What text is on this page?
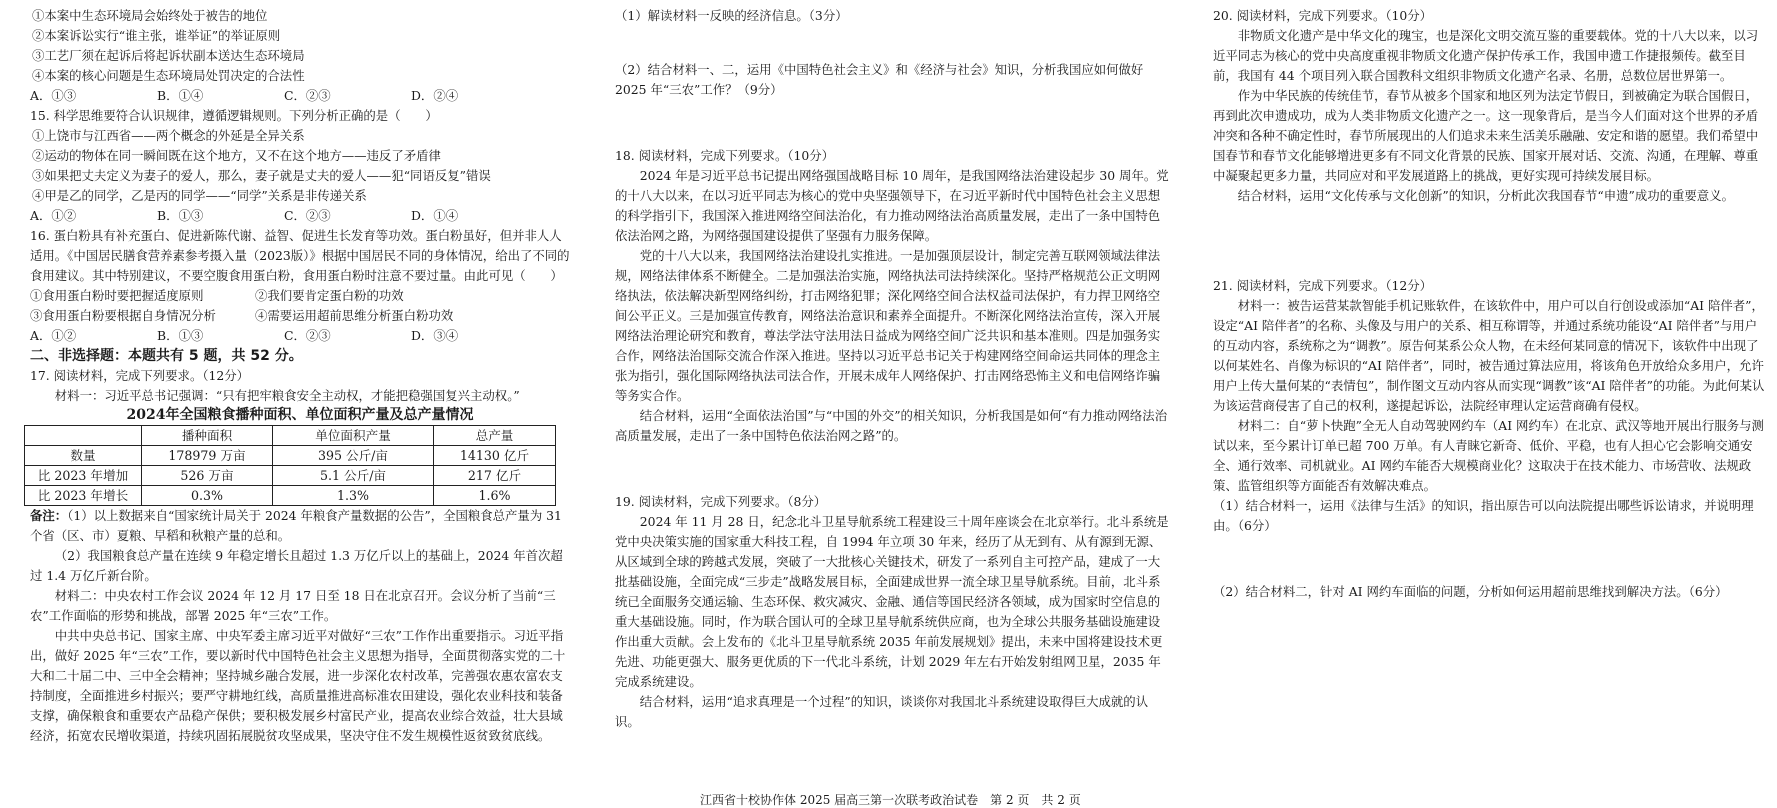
①本案中生态环境局会始终处于被告的地位

②本案诉讼实行“谁主张，谁举证”的举证原则

③工艺厂须在起诉后将起诉状副本送达生态环境局

④本案的核心问题是生态环境局处罚决定的合法性

A．①③	B．①④	C．②③	D．②④

15. 科学思维要符合认识规律，遵循逻辑规则。下列分析正确的是（　　）

①上饶市与江西省——两个概念的外延是全异关系

②运动的物体在同一瞬间既在这个地方，又不在这个地方——违反了矛盾律

③如果把丈夫定义为妻子的爱人，那么，妻子就是丈夫的爱人——犯“同语反复”错误

④甲是乙的同学，乙是丙的同学——“同学”关系是非传递关系

A．①②	B．①③	C．②③	D．①④

16. 蛋白粉具有补充蛋白、促进新陈代谢、益智、促进生长发育等功效。蛋白粉虽好，但并非人人适用。《中国居民膳食营养素参考摄入量（2023版）》根据中国居民不同的身体情况，给出了不同的食用建议。其中特别建议，不要空腹食用蛋白粉，食用蛋白粉时注意不要过量。由此可见（　　）

①食用蛋白粉时要把握适度原则	②我们要肯定蛋白粉的功效
③食用蛋白粉要根据自身情况分析	④需要运用超前思维分析蛋白粉功效
A．①②	B．①③	C．②③	D．③④

二、非选择题：本题共有 5 题，共 52 分。

17. 阅读材料，完成下列要求。（12分）

材料一：习近平总书记强调：“只有把牢粮食安全主动权，才能把稳强国复兴主动权。”

2024年全国粮食播种面积、单位面积产量及总产量情况

	播种面积	单位面积产量	总产量
数量	178979 万亩	395 公斤/亩	14130 亿斤
比 2023 年增加	526 万亩	5.1 公斤/亩	217 亿斤
比 2023 年增长	0.3%	1.3%	1.6%

备注：（1）以上数据来自“国家统计局关于 2024 年粮食产量数据的公告”，全国粮食总产量为 31 个省（区、市）夏粮、早稻和秋粮产量的总和。

（2）我国粮食总产量在连续 9 年稳定增长且超过 1.3 万亿斤以上的基础上，2024 年首次超过 1.4 万亿斤新台阶。

材料二：中央农村工作会议 2024 年 12 月 17 日至 18 日在北京召开。会议分析了当前“三农”工作面临的形势和挑战，部署 2025 年“三农”工作。

中共中央总书记、国家主席、中央军委主席习近平对做好“三农”工作作出重要指示。习近平指出，做好 2025 年“三农”工作，要以新时代中国特色社会主义思想为指导，全面贯彻落实党的二十大和二十届二中、三中全会精神；坚持城乡融合发展，进一步深化农村改革，完善强农惠农富农支持制度，全面推进乡村振兴；要严守耕地红线，高质量推进高标准农田建设，强化农业科技和装备支撑，确保粮食和重要农产品稳产保供；要积极发展乡村富民产业，提高农业综合效益，壮大县域经济，拓宽农民增收渠道，持续巩固拓展脱贫攻坚成果，坚决守住不发生规模性返贫致贫底线。

（1）解读材料一反映的经济信息。（3分）

（2）结合材料一、二，运用《中国特色社会主义》和《经济与社会》知识，分析我国应如何做好 2025 年“三农”工作？（9分）

18. 阅读材料，完成下列要求。（10分）

2024 年是习近平总书记提出网络强国战略目标 10 周年，是我国网络法治建设起步 30 周年。党的十八大以来，在以习近平同志为核心的党中央坚强领导下，在习近平新时代中国特色社会主义思想的科学指引下，我国深入推进网络空间法治化，有力推动网络法治高质量发展，走出了一条中国特色依法治网之路，为网络强国建设提供了坚强有力服务保障。

党的十八大以来，我国网络法治建设扎实推进。一是加强顶层设计，制定完善互联网领域法律法规，网络法律体系不断健全。二是加强法治实施，网络执法司法持续深化。坚持严格规范公正文明网络执法，依法解决新型网络纠纷，打击网络犯罪；深化网络空间合法权益司法保护，有力捍卫网络空间公平正义。三是加强宣传教育，网络法治意识和素养全面提升。不断深化网络法治宣传，深入开展网络法治理论研究和教育，尊法学法守法用法日益成为网络空间广泛共识和基本准则。四是加强务实合作，网络法治国际交流合作深入推进。坚持以习近平总书记关于构建网络空间命运共同体的理念主张为指引，强化国际网络执法司法合作，开展未成年人网络保护、打击网络恐怖主义和电信网络诈骗等务实合作。

结合材料，运用“全面依法治国”与“中国的外交”的相关知识，分析我国是如何“有力推动网络法治高质量发展，走出了一条中国特色依法治网之路”的。

19. 阅读材料，完成下列要求。（8分）

2024 年 11 月 28 日，纪念北斗卫星导航系统工程建设三十周年座谈会在北京举行。北斗系统是党中央决策实施的国家重大科技工程，自 1994 年立项 30 年来，经历了从无到有、从有源到无源、从区域到全球的跨越式发展，突破了一大批核心关键技术，研发了一系列自主可控产品，建成了一大批基础设施，全面完成“三步走”战略发展目标，全面建成世界一流全球卫星导航系统。目前，北斗系统已全面服务交通运输、生态环保、救灾减灾、金融、通信等国民经济各领域，成为国家时空信息的重大基础设施。同时，作为联合国认可的全球卫星导航系统供应商，也为全球公共服务基础设施建设作出重大贡献。会上发布的《北斗卫星导航系统 2035 年前发展规划》提出，未来中国将建设技术更先进、功能更强大、服务更优质的下一代北斗系统，计划 2029 年左右开始发射组网卫星，2035 年完成系统建设。

结合材料，运用“追求真理是一个过程”的知识，谈谈你对我国北斗系统建设取得巨大成就的认识。

20. 阅读材料，完成下列要求。（10分）

非物质文化遗产是中华文化的瑰宝，也是深化文明交流互鉴的重要载体。党的十八大以来，以习近平同志为核心的党中央高度重视非物质文化遗产保护传承工作，我国申遗工作捷报频传。截至目前，我国有 44 个项目列入联合国教科文组织非物质文化遗产名录、名册，总数位居世界第一。

作为中华民族的传统佳节，春节从被多个国家和地区列为法定节假日，到被确定为联合国假日，再到此次申遗成功，成为人类非物质文化遗产之一。这一现象背后，是当今人们面对这个世界的矛盾冲突和各种不确定性时，春节所展现出的人们追求未来生活美乐融融、安定和谐的愿望。我们希望中国春节和春节文化能够增进更多有不同文化背景的民族、国家开展对话、交流、沟通，在理解、尊重中凝聚起更多力量，共同应对和平发展道路上的挑战，更好实现可持续发展目标。

结合材料，运用“文化传承与文化创新”的知识，分析此次我国春节“申遗”成功的重要意义。

21. 阅读材料，完成下列要求。（12分）

材料一：被告运营某款智能手机记账软件，在该软件中，用户可以自行创设或添加“AI 陪伴者”，设定“AI 陪伴者”的名称、头像及与用户的关系、相互称谓等，并通过系统功能设“AI 陪伴者”与用户的互动内容，系统称之为“调教”。原告何某系公众人物，在未经何某同意的情况下，该软件中出现了以何某姓名、肖像为标识的“AI 陪伴者”，同时，被告通过算法应用，将该角色开放给众多用户，允许用户上传大量何某的“表情包”，制作图文互动内容从而实现“调教”该“AI 陪伴者”的功能。为此何某认为该运营商侵害了自己的权利，遂提起诉讼，法院经审理认定运营商确有侵权。

材料二：自“萝卜快跑”全无人自动驾驶网约车（AI 网约车）在北京、武汉等地开展出行服务与测试以来，至今累计订单已超 700 万单。有人青睐它新奇、低价、平稳，也有人担心它会影响交通安全、通行效率、司机就业。AI 网约车能否大规模商业化？这取决于在技术能力、市场营收、法规政策、监管组织等方面能否有效解决难点。

（1）结合材料一，运用《法律与生活》的知识，指出原告可以向法院提出哪些诉讼请求，并说明理由。（6分）

（2）结合材料二，针对 AI 网约车面临的问题，分析如何运用超前思维找到解决方法。（6分）

江西省十校协作体 2025 届高三第一次联考政治试卷　第 2 页　共 2 页
